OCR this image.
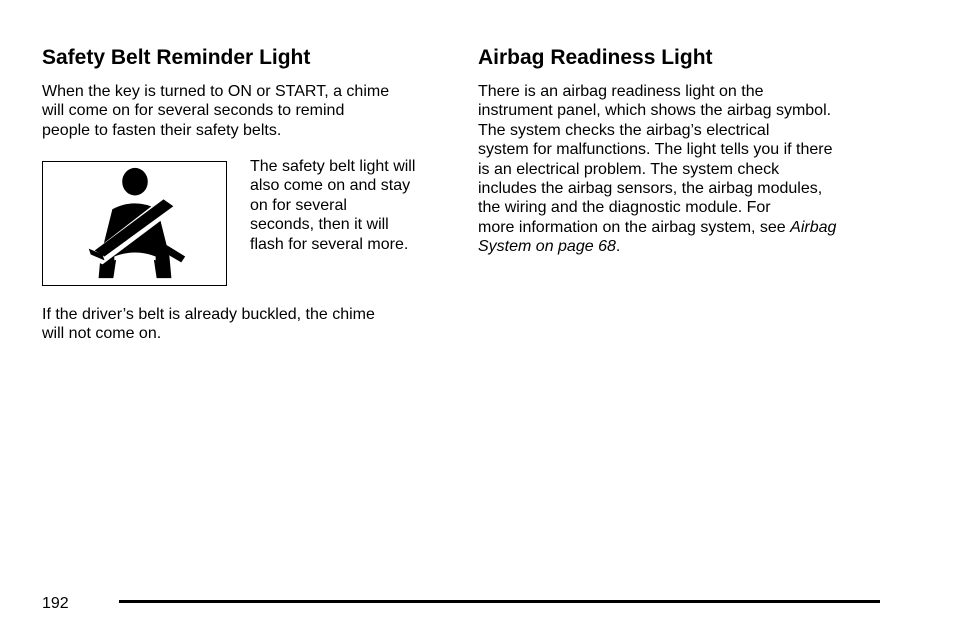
Safety Belt Reminder Light
When the key is turned to ON or START, a chime
will come on for several seconds to remind
people to fasten their safety belts.
The safety belt light will
also come on and stay
on for several
seconds, then it will
flash for several more.
If the driver’s belt is already buckled, the chime
will not come on.
Airbag Readiness Light
There is an airbag readiness light on the
instrument panel, which shows the airbag symbol.
The system checks the airbag’s electrical
system for malfunctions. The light tells you if there
is an electrical problem. The system check
includes the airbag sensors, the airbag modules,
the wiring and the diagnostic module. For
more information on the airbag system, see Airbag
System on page 68.
192
